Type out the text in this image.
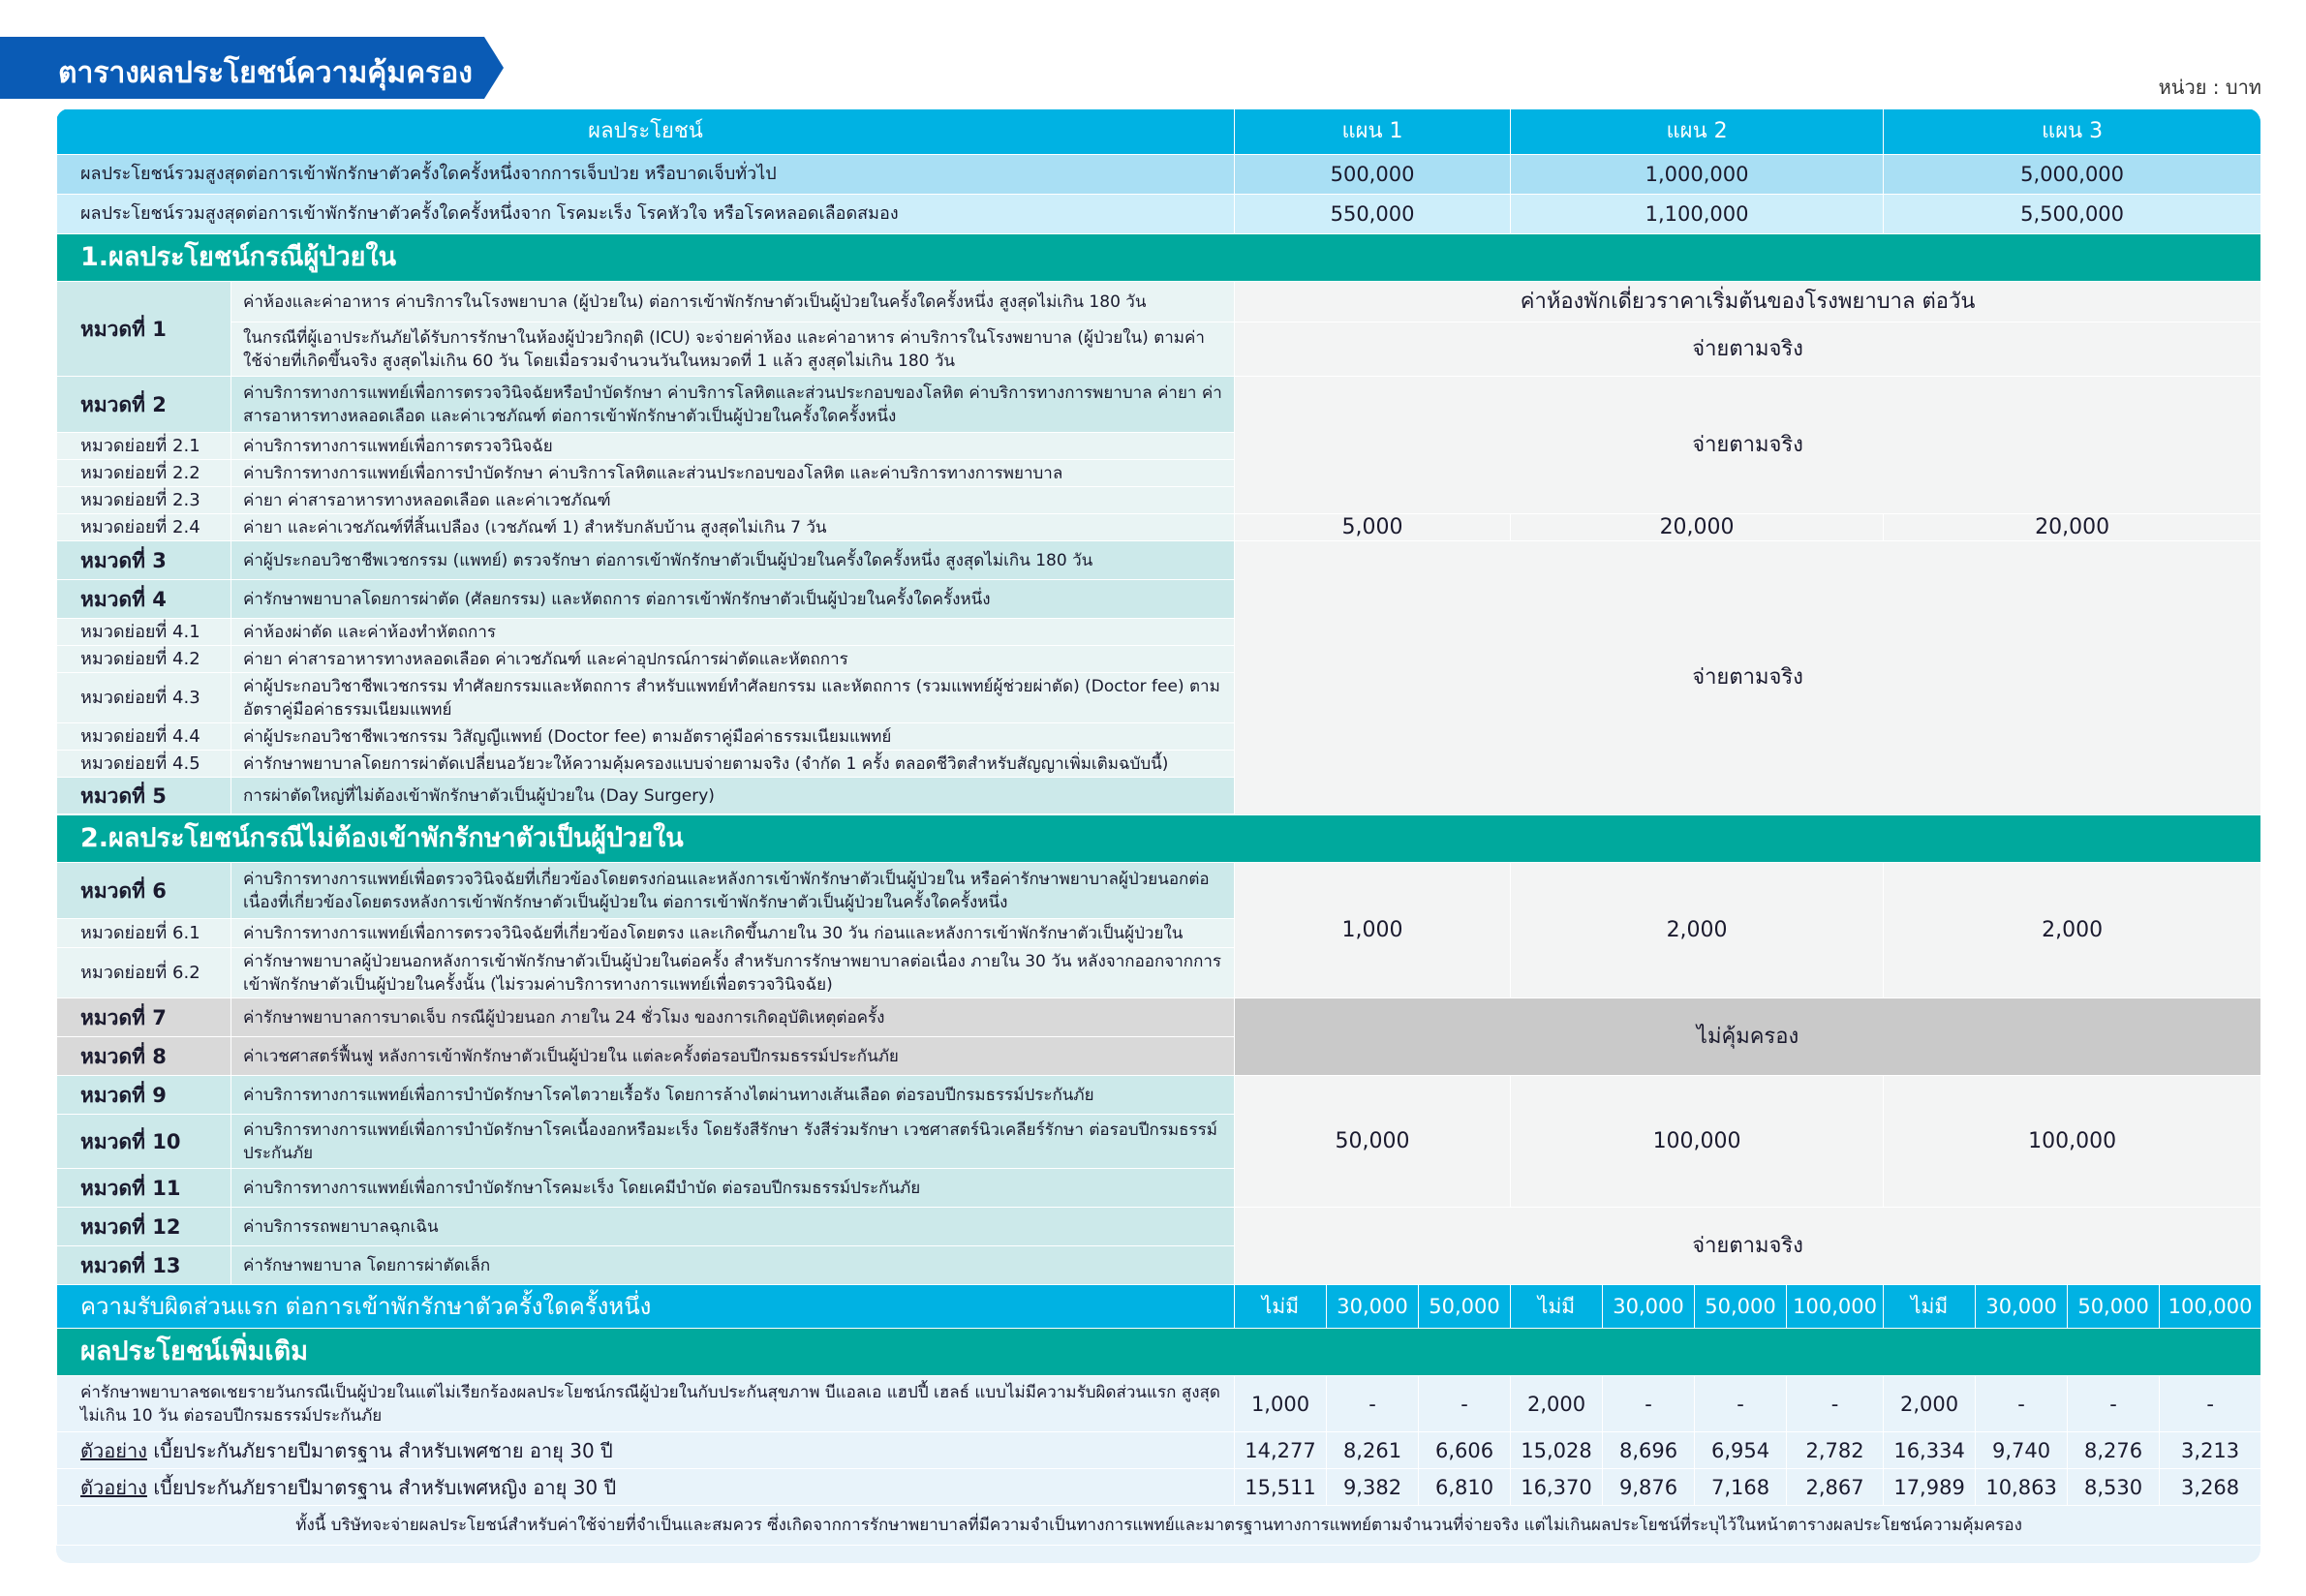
ตารางผลประโยชน์ความคุ้มครอง	หน่วย : บาท
ผลประโยชน์		แผน 1			แผน 2				แผน 3			
ผลประโยชน์รวมสูงสุดต่อการเข้าพักรักษาตัวครั้งใดครั้งหนึ่งจากการเจ็บป่วย หรือบาดเจ็บทั่วไป		500,000			1,000,000				5,000,000			
ผลประโยชน์รวมสูงสุดต่อการเข้าพักรักษาตัวครั้งใดครั้งหนึ่งจาก โรคมะเร็ง โรคหัวใจ หรือโรคหลอดเลือดสมอง		550,000			1,100,000				5,500,000			
1.ผลประโยชน์กรณีผู้ป่วยใน												
หมวดที่ 1	ค่าห้องและค่าอาหาร ค่าบริการในโรงพยาบาล (ผู้ป่วยใน) ต่อการเข้าพักรักษาตัวเป็นผู้ป่วยในครั้งใดครั้งหนึ่ง สูงสุดไม่เกิน 180 วัน	ค่าห้องพักเดี่ยวราคาเริ่มต้นของโรงพยาบาล ต่อวัน										
	ในกรณีที่ผู้เอาประกันภัยได้รับการรักษาในห้องผู้ป่วยวิกฤติ (ICU) จะจ่ายค่าห้อง และค่าอาหาร ค่าบริการในโรงพยาบาล (ผู้ป่วยใน) ตามค่าใช้จ่ายที่เกิดขึ้นจริง สูงสุดไม่เกิน 60 วัน โดยเมื่อรวมจำนวนวันในหมวดที่ 1 แล้ว สูงสุดไม่เกิน 180 วัน	จ่ายตามจริง										
หมวดที่ 2	ค่าบริการทางการแพทย์เพื่อการตรวจวินิจฉัยหรือบำบัดรักษา ค่าบริการโลหิตและส่วนประกอบของโลหิต ค่าบริการทางการพยาบาล ค่ายา ค่าสารอาหารทางหลอดเลือด และค่าเวชภัณฑ์ ต่อการเข้าพักรักษาตัวเป็นผู้ป่วยในครั้งใดครั้งหนึ่ง	จ่ายตามจริง										
หมวดย่อยที่ 2.1	ค่าบริการทางการแพทย์เพื่อการตรวจวินิจฉัย											
หมวดย่อยที่ 2.2	ค่าบริการทางการแพทย์เพื่อการบำบัดรักษา ค่าบริการโลหิตและส่วนประกอบของโลหิต และค่าบริการทางการพยาบาล											
หมวดย่อยที่ 2.3	ค่ายา ค่าสารอาหารทางหลอดเลือด และค่าเวชภัณฑ์											
หมวดย่อยที่ 2.4	ค่ายา และค่าเวชภัณฑ์ที่สิ้นเปลือง (เวชภัณฑ์ 1) สำหรับกลับบ้าน สูงสุดไม่เกิน 7 วัน	5,000			20,000				20,000			
หมวดที่ 3	ค่าผู้ประกอบวิชาชีพเวชกรรม (แพทย์) ตรวจรักษา ต่อการเข้าพักรักษาตัวเป็นผู้ป่วยในครั้งใดครั้งหนึ่ง สูงสุดไม่เกิน 180 วัน	จ่ายตามจริง										
หมวดที่ 4	ค่ารักษาพยาบาลโดยการผ่าตัด (ศัลยกรรม) และหัตถการ ต่อการเข้าพักรักษาตัวเป็นผู้ป่วยในครั้งใดครั้งหนึ่ง											
หมวดย่อยที่ 4.1	ค่าห้องผ่าตัด และค่าห้องทำหัตถการ											
หมวดย่อยที่ 4.2	ค่ายา ค่าสารอาหารทางหลอดเลือด ค่าเวชภัณฑ์ และค่าอุปกรณ์การผ่าตัดและหัตถการ											
หมวดย่อยที่ 4.3	ค่าผู้ประกอบวิชาชีพเวชกรรม ทำศัลยกรรมและหัตถการ สำหรับแพทย์ทำศัลยกรรม และหัตถการ (รวมแพทย์ผู้ช่วยผ่าตัด) (Doctor fee) ตามอัตราคู่มือค่าธรรมเนียมแพทย์											
หมวดย่อยที่ 4.4	ค่าผู้ประกอบวิชาชีพเวชกรรม วิสัญญีแพทย์ (Doctor fee) ตามอัตราคู่มือค่าธรรมเนียมแพทย์											
หมวดย่อยที่ 4.5	ค่ารักษาพยาบาลโดยการผ่าตัดเปลี่ยนอวัยวะให้ความคุ้มครองแบบจ่ายตามจริง (จำกัด 1 ครั้ง ตลอดชีวิตสำหรับสัญญาเพิ่มเติมฉบับนี้)											
หมวดที่ 5	การผ่าตัดใหญ่ที่ไม่ต้องเข้าพักรักษาตัวเป็นผู้ป่วยใน (Day Surgery)											

2.ผลประโยชน์กรณีไม่ต้องเข้าพักรักษาตัวเป็นผู้ป่วยใน												
หมวดที่ 6	ค่าบริการทางการแพทย์เพื่อตรวจวินิจฉัยที่เกี่ยวข้องโดยตรงก่อนและหลังการเข้าพักรักษาตัวเป็นผู้ป่วยใน หรือค่ารักษาพยาบาลผู้ป่วยนอกต่อเนื่องที่เกี่ยวข้องโดยตรงหลังการเข้าพักรักษาตัวเป็นผู้ป่วยใน ต่อการเข้าพักรักษาตัวเป็นผู้ป่วยในครั้งใดครั้งหนึ่ง	1,000			2,000				2,000			
หมวดย่อยที่ 6.1	ค่าบริการทางการแพทย์เพื่อการตรวจวินิจฉัยที่เกี่ยวข้องโดยตรง และเกิดขึ้นภายใน 30 วัน ก่อนและหลังการเข้าพักรักษาตัวเป็นผู้ป่วยใน											
หมวดย่อยที่ 6.2	ค่ารักษาพยาบาลผู้ป่วยนอกหลังการเข้าพักรักษาตัวเป็นผู้ป่วยในต่อครั้ง สำหรับการรักษาพยาบาลต่อเนื่อง ภายใน 30 วัน หลังจากออกจากการเข้าพักรักษาตัวเป็นผู้ป่วยในครั้งนั้น (ไม่รวมค่าบริการทางการแพทย์เพื่อตรวจวินิจฉัย)											
หมวดที่ 7	ค่ารักษาพยาบาลการบาดเจ็บ กรณีผู้ป่วยนอก ภายใน 24 ชั่วโมง ของการเกิดอุบัติเหตุต่อครั้ง	ไม่คุ้มครอง										
หมวดที่ 8	ค่าเวชศาสตร์ฟื้นฟู หลังการเข้าพักรักษาตัวเป็นผู้ป่วยใน แต่ละครั้งต่อรอบปีกรมธรรม์ประกันภัย											
หมวดที่ 9	ค่าบริการทางการแพทย์เพื่อการบำบัดรักษาโรคไตวายเรื้อรัง โดยการล้างไตผ่านทางเส้นเลือด ต่อรอบปีกรมธรรม์ประกันภัย	50,000			100,000				100,000			
หมวดที่ 10	ค่าบริการทางการแพทย์เพื่อการบำบัดรักษาโรคเนื้องอกหรือมะเร็ง โดยรังสีรักษา รังสีร่วมรักษา เวชศาสตร์นิวเคลียร์รักษา ต่อรอบปีกรมธรรม์ประกันภัย											
หมวดที่ 11	ค่าบริการทางการแพทย์เพื่อการบำบัดรักษาโรคมะเร็ง โดยเคมีบำบัด ต่อรอบปีกรมธรรม์ประกันภัย											
หมวดที่ 12	ค่าบริการรถพยาบาลฉุกเฉิน	จ่ายตามจริง										
หมวดที่ 13	ค่ารักษาพยาบาล โดยการผ่าตัดเล็ก											
ความรับผิดส่วนแรก ต่อการเข้าพักรักษาตัวครั้งใดครั้งหนึ่ง		ไม่มี	30,000	50,000	ไม่มี	30,000	50,000	100,000	ไม่มี	30,000	50,000	100,000
ผลประโยชน์เพิ่มเติม												
ค่ารักษาพยาบาลชดเชยรายวันกรณีเป็นผู้ป่วยในแต่ไม่เรียกร้องผลประโยชน์กรณีผู้ป่วยในกับประกันสุขภาพ บีแอลเอ แฮปปี้ เฮลธ์ แบบไม่มีความรับผิดส่วนแรก สูงสุดไม่เกิน 10 วัน ต่อรอบปีกรมธรรม์ประกันภัย		1,000	-	-	2,000	-	-	-	2,000	-	-	-
ตัวอย่าง เบี้ยประกันภัยรายปีมาตรฐาน สำหรับเพศชาย อายุ 30 ปี		14,277	8,261	6,606	15,028	8,696	6,954	2,782	16,334	9,740	8,276	3,213
ตัวอย่าง เบี้ยประกันภัยรายปีมาตรฐาน สำหรับเพศหญิง อายุ 30 ปี		15,511	9,382	6,810	16,370	9,876	7,168	2,867	17,989	10,863	8,530	3,268
ทั้งนี้ บริษัทจะจ่ายผลประโยชน์สำหรับค่าใช้จ่ายที่จำเป็นและสมควร ซึ่งเกิดจากการรักษาพยาบาลที่มีความจำเป็นทางการแพทย์และมาตรฐานทางการแพทย์ตามจำนวนที่จ่ายจริง แต่ไม่เกินผลประโยชน์ที่ระบุไว้ในหน้าตารางผลประโยชน์ความคุ้มครอง												
